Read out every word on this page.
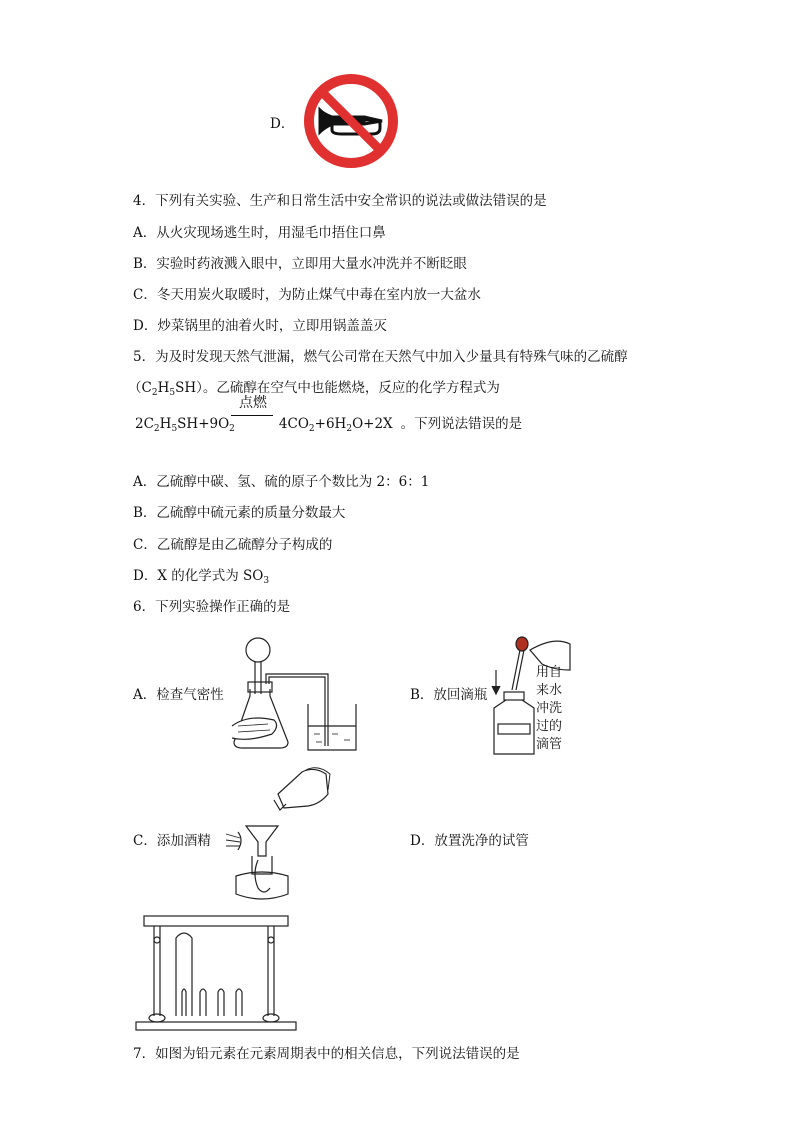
D．
4．下列有关实验、生产和日常生活中安全常识的说法或做法错误的是
A．从火灾现场逃生时，用湿毛巾捂住口鼻
B．实验时药液溅入眼中，立即用大量水冲洗并不断眨眼
C．冬天用炭火取暖时，为防止煤气中毒在室内放一大盆水
D．炒菜锅里的油着火时，立即用锅盖盖灭
5．为及时发现天然气泄漏，燃气公司常在天然气中加入少量具有特殊气味的乙硫醇
$(C_2H_5SH)$。乙硫醇在空气中也能燃烧，反应的化学方程式为
$2C_2H_5SH+9O_2$	$4CO_2+6H_2O+2X$ 。下列说法错误的是
点燃
A．乙硫醇中碳、氢、硫的原子个数比为 2：6：1
B．乙硫醇中硫元素的质量分数最大
C．乙硫醇是由乙硫醇分子构成的
D．X 的化学式为 $SO_3$
6．下列实验操作正确的是
A．检查气密性	B．放回滴瓶
用自
来水
冲洗
过的
滴管
C．添加酒精	D．放置洗净的试管
7．如图为铅元素在元素周期表中的相关信息，下列说法错误的是
